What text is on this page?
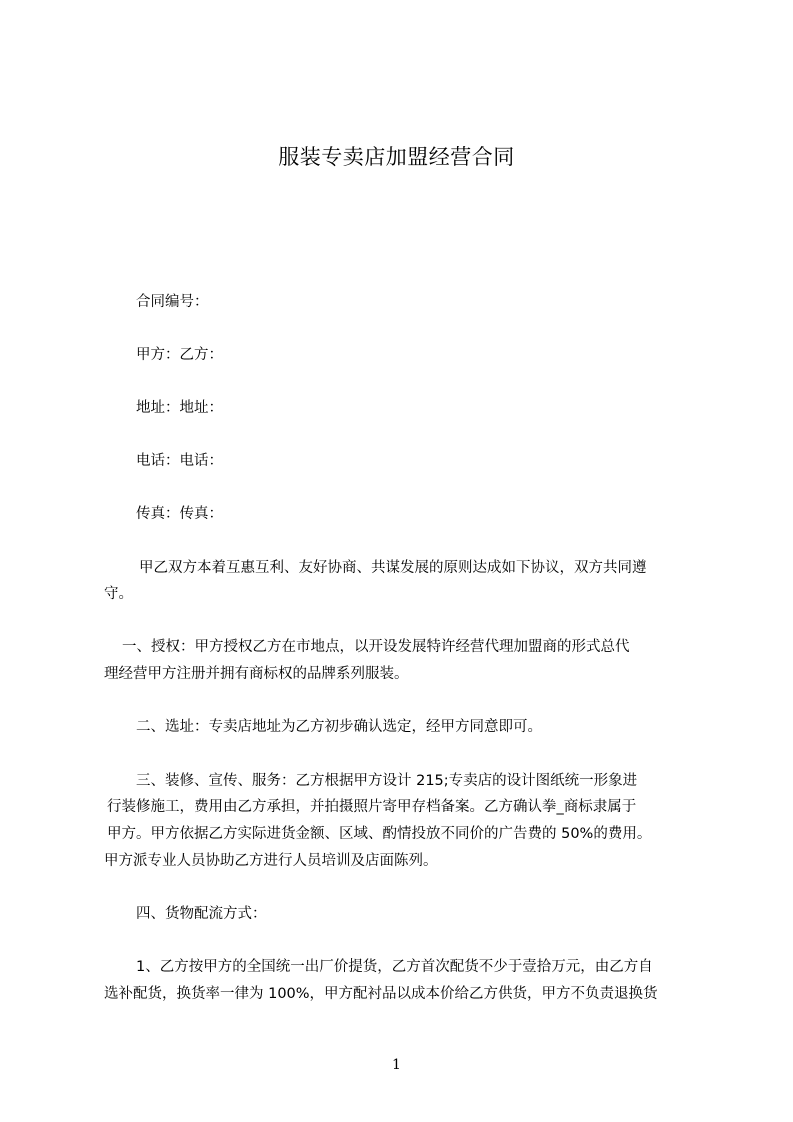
服装专卖店加盟经营合同

合同编号：

甲方：乙方：

地址：地址：

电话：电话：

传真：传真：

甲乙双方本着互惠互利、友好协商、共谋发展的原则达成如下协议，双方共同遵

守。

一、授权：甲方授权乙方在市地点，以开设发展特许经营代理加盟商的形式总代

理经营甲方注册并拥有商标权的品牌系列服装。

二、选址：专卖店地址为乙方初步确认选定，经甲方同意即可。

三、装修、宣传、服务：乙方根据甲方设计 215;专卖店的设计图纸统一形象进

行装修施工，费用由乙方承担，并拍摄照片寄甲存档备案。乙方确认拳_商标隶属于

甲方。甲方依据乙方实际进货金额、区域、酌情投放不同价的广告费的 50%的费用。

甲方派专业人员协助乙方进行人员培训及店面陈列。

四、货物配流方式：

1、乙方按甲方的全国统一出厂价提货，乙方首次配货不少于壹拾万元，由乙方自

选补配货，换货率一律为 100%，甲方配衬品以成本价给乙方供货，甲方不负责退换货

1
